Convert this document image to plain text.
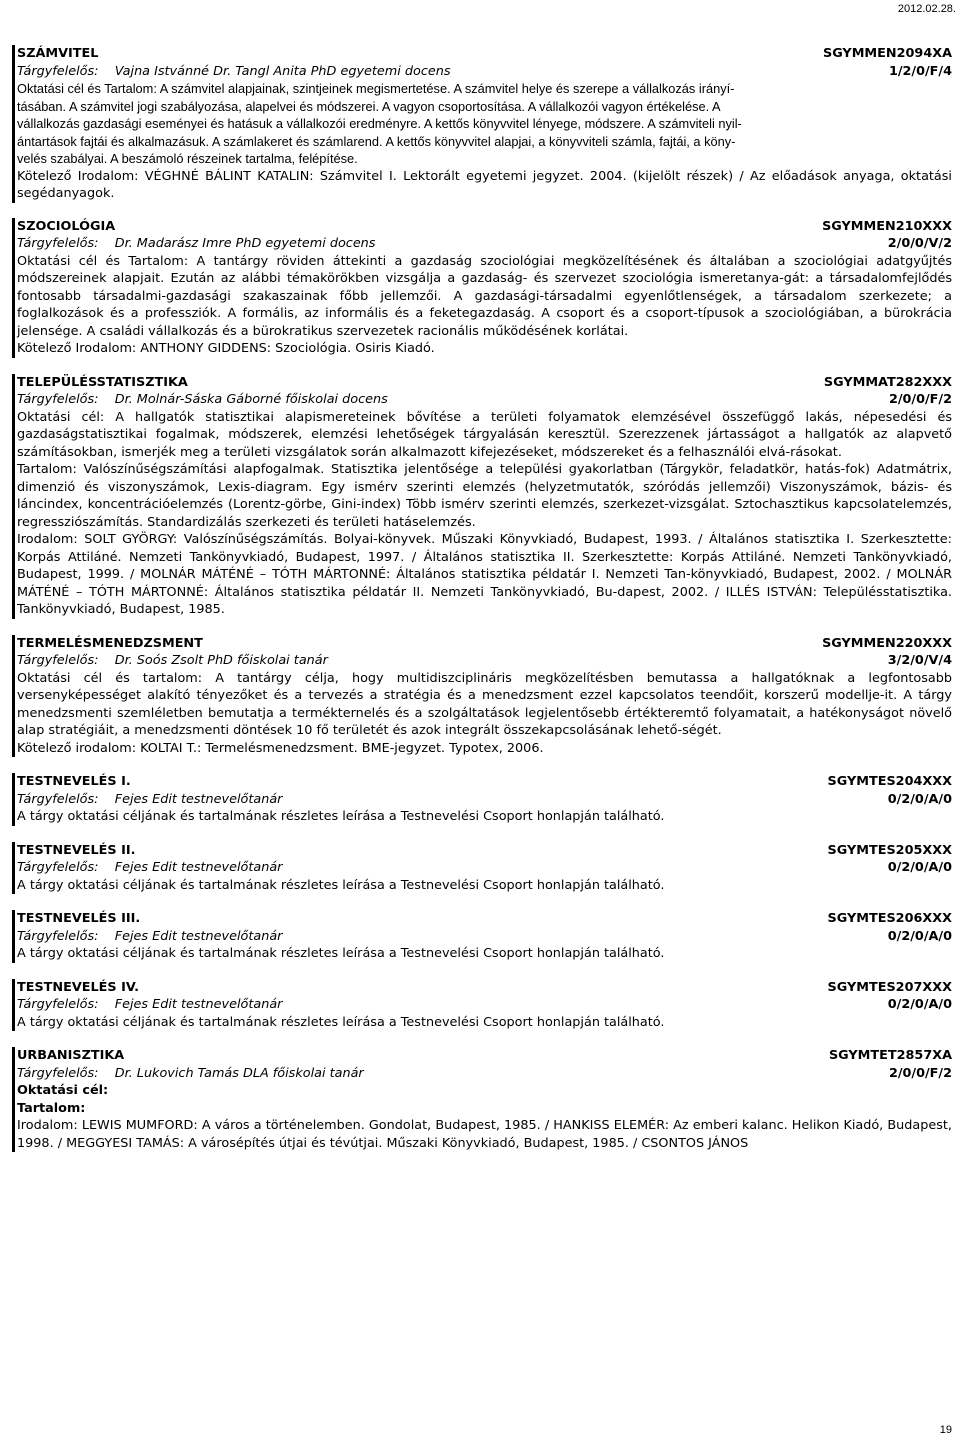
2012.02.28.
SZÁMVITEL	SGYMMEN2094XA
Tárgyfelelős: Vajna Istvánné Dr. Tangl Anita PhD egyetemi docens	1/2/0/F/4
Oktatási cél és Tartalom: A számvitel alapjainak, szintjeinek megismertetése. A számvitel helye és szerepe a vállalkozás irányí-
tásában. A számvitel jogi szabályozása, alapelvei és módszerei. A vagyon csoportosítása. A vállalkozói vagyon értékelése. A
vállalkozás gazdasági eseményei és hatásuk a vállalkozói eredményre. A kettős könyvvitel lényege, módszere. A számviteli nyil-
ántartások fajtái és alkalmazásuk. A számlakeret és számlarend. A kettős könyvvitel alapjai, a könyvviteli számla, fajtái, a köny-
velés szabályai. A beszámoló részeinek tartalma, felépítése.
Kötelező Irodalom: VÉGHNÉ BÁLINT KATALIN: Számvitel I. Lektorált egyetemi jegyzet. 2004. (kijelölt részek) / Az előadások anyaga, oktatási segédanyagok.
SZOCIOLÓGIA	SGYMMEN210XXX
Tárgyfelelős: Dr. Madarász Imre PhD egyetemi docens	2/0/0/V/2
Oktatási cél és Tartalom: A tantárgy röviden áttekinti a gazdaság szociológiai megközelítésének és általában a szociológiai adatgyűjtés módszereinek alapjait. Ezután az alábbi témakörökben vizsgálja a gazdaság- és szervezet szociológia ismeretanya-gát: a társadalomfejlődés fontosabb társadalmi-gazdasági szakaszainak főbb jellemzői. A gazdasági-társadalmi egyenlőtlenségek, a társadalom szerkezete; a foglalkozások és a professziók. A formális, az informális és a feketegazdaság. A csoport és a csoport-típusok a szociológiában, a bürokrácia jelensége. A családi vállalkozás és a bürokratikus szervezetek racionális működésének korlátai.
Kötelező Irodalom: ANTHONY GIDDENS: Szociológia. Osiris Kiadó.
TELEPÜLÉSSTATISZTIKA	SGYMMAT282XXX
Tárgyfelelős: Dr. Molnár-Sáska Gáborné főiskolai docens	2/0/0/F/2
Oktatási cél: A hallgatók statisztikai alapismereteinek bővítése a területi folyamatok elemzésével összefüggő lakás, népesedési és gazdaságstatisztikai fogalmak, módszerek, elemzési lehetőségek tárgyalásán keresztül. Szerezzenek jártasságot a hallgatók az alapvető számításokban, ismerjék meg a területi vizsgálatok során alkalmazott kifejezéseket, módszereket és a felhasználói elvá-rásokat.
Tartalom: Valószínűségszámítási alapfogalmak. Statisztika jelentősége a települési gyakorlatban (Tárgykör, feladatkör, hatás-fok) Adatmátrix, dimenzió és viszonyszámok, Lexis-diagram. Egy ismérv szerinti elemzés (helyzetmutatók, szóródás jellemzői) Viszonyszámok, bázis- és láncindex, koncentrációelemzés (Lorentz-görbe, Gini-index) Több ismérv szerinti elemzés, szerkezet-vizsgálat. Sztochasztikus kapcsolatelemzés, regressziószámítás. Standardizálás szerkezeti és területi hatáselemzés.
Irodalom: SOLT GYÖRGY: Valószínűségszámítás. Bolyai-könyvek. Műszaki Könyvkiadó, Budapest, 1993. / Általános statisztika I. Szerkesztette: Korpás Attiláné. Nemzeti Tankönyvkiadó, Budapest, 1997. / Általános statisztika II. Szerkesztette: Korpás Attiláné. Nemzeti Tankönyvkiadó, Budapest, 1999. / MOLNÁR MÁTÉNÉ – TÓTH MÁRTONNÉ: Általános statisztika példatár I. Nemzeti Tan-könyvkiadó, Budapest, 2002. / MOLNÁR MÁTÉNÉ – TÓTH MÁRTONNÉ: Általános statisztika példatár II. Nemzeti Tankönyvkiadó, Bu-dapest, 2002. / ILLÉS ISTVÁN: Településstatisztika. Tankönyvkiadó, Budapest, 1985.
TERMELÉSMENEDZSMENT	SGYMMEN220XXX
Tárgyfelelős: Dr. Soós Zsolt PhD főiskolai tanár	3/2/0/V/4
Oktatási cél és tartalom: A tantárgy célja, hogy multidiszciplináris megközelítésben bemutassa a hallgatóknak a legfontosabb versenyképességet alakító tényezőket és a tervezés a stratégia és a menedzsment ezzel kapcsolatos teendőit, korszerű modellje-it. A tárgy menedzsmenti szemléletben bemutatja a termékternelés és a szolgáltatások legjelentősebb értékteremtő folyamatait, a hatékonyságot növelő alap stratégiáit, a menedzsmenti döntések 10 fő területét és azok integrált összekapcsolásának lehető-ségét.
Kötelező irodalom: KOLTAI T.: Termelésmenedzsment. BME-jegyzet. Typotex, 2006.
TESTNEVELÉS I.	SGYMTES204XXX
Tárgyfelelős: Fejes Edit testnevelőtanár	0/2/0/A/0
A tárgy oktatási céljának és tartalmának részletes leírása a Testnevelési Csoport honlapján található.
TESTNEVELÉS II.	SGYMTES205XXX
Tárgyfelelős: Fejes Edit testnevelőtanár	0/2/0/A/0
A tárgy oktatási céljának és tartalmának részletes leírása a Testnevelési Csoport honlapján található.
TESTNEVELÉS III.	SGYMTES206XXX
Tárgyfelelős: Fejes Edit testnevelőtanár	0/2/0/A/0
A tárgy oktatási céljának és tartalmának részletes leírása a Testnevelési Csoport honlapján található.
TESTNEVELÉS IV.	SGYMTES207XXX
Tárgyfelelős: Fejes Edit testnevelőtanár	0/2/0/A/0
A tárgy oktatási céljának és tartalmának részletes leírása a Testnevelési Csoport honlapján található.
URBANISZTIKA	SGYMTET2857XA
Tárgyfelelős: Dr. Lukovich Tamás DLA főiskolai tanár	2/0/0/F/2
Oktatási cél:
Tartalom:
Irodalom: LEWIS MUMFORD: A város a történelemben. Gondolat, Budapest, 1985. / HANKISS ELEMÉR: Az emberi kalanc. Helikon Kiadó, Budapest, 1998. / MEGGYESI TAMÁS: A városépítés útjai és tévútjai. Műszaki Könyvkiadó, Budapest, 1985. / CSONTOS JÁNOS
19
